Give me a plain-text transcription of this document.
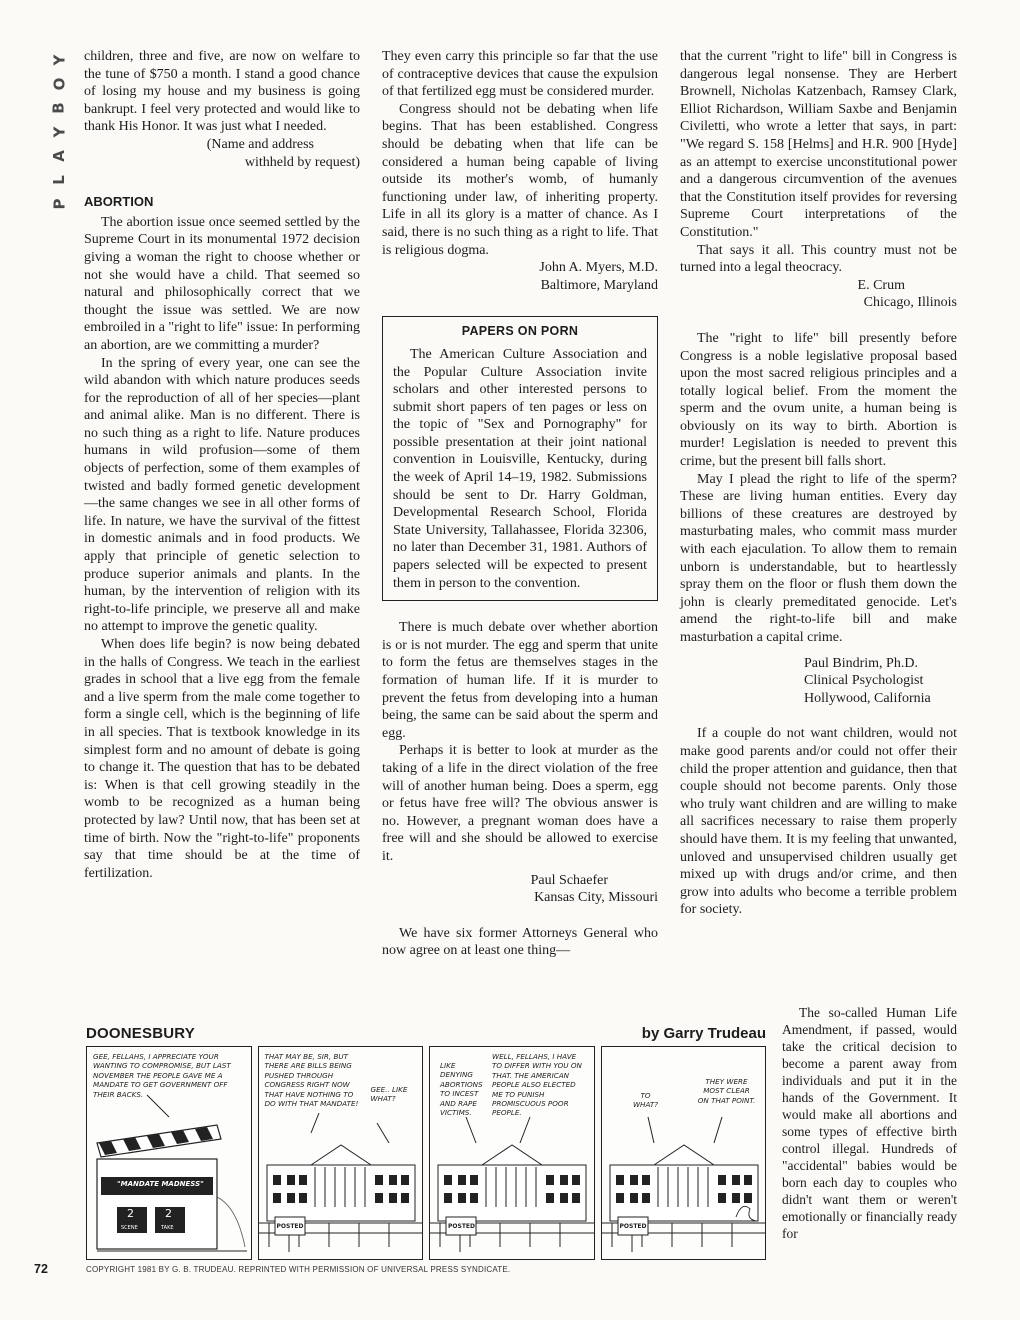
Y
O
B
Y
A
L
P

children, three and five, are now on welfare to the tune of $750 a month. I stand a good chance of losing my house and my business is going bankrupt. I feel very protected and would like to thank His Honor. It was just what I needed.

(Name and address
withheld by request)
ABORTION

The abortion issue once seemed settled by the Supreme Court in its monumental 1972 decision giving a woman the right to choose whether or not she would have a child. That seemed so natural and philosophically correct that we thought the issue was settled. We are now embroiled in a "right to life" issue: In performing an abortion, are we committing a murder?

In the spring of every year, one can see the wild abandon with which nature produces seeds for the reproduction of all of her species—plant and animal alike. Man is no different. There is no such thing as a right to life. Nature produces humans in wild profusion—some of them objects of perfection, some of them examples of twisted and badly formed genetic development—the same changes we see in all other forms of life. In nature, we have the survival of the fittest in domestic animals and in food products. We apply that principle of genetic selection to produce superior animals and plants. In the human, by the intervention of religion with its right-to-life principle, we preserve all and make no attempt to improve the genetic quality.

When does life begin? is now being debated in the halls of Congress. We teach in the earliest grades in school that a live egg from the female and a live sperm from the male come together to form a single cell, which is the beginning of life in all species. That is textbook knowledge in its simplest form and no amount of debate is going to change it. The question that has to be debated is: When is that cell growing steadily in the womb to be recognized as a human being protected by law? Until now, that has been set at time of birth. Now the "right-to-life" proponents say that time should be at the time of fertilization.

They even carry this principle so far that the use of contraceptive devices that cause the expulsion of that fertilized egg must be considered murder.

Congress should not be debating when life begins. That has been established. Congress should be debating when that life can be considered a human being capable of living outside its mother's womb, of humanly functioning under law, of inheriting property. Life in all its glory is a matter of chance. As I said, there is no such thing as a right to life. That is religious dogma.

John A. Myers, M.D.
Baltimore, Maryland
PAPERS ON PORN

The American Culture Association and the Popular Culture Association invite scholars and other interested persons to submit short papers of ten pages or less on the topic of "Sex and Pornography" for possible presentation at their joint national convention in Louisville, Kentucky, during the week of April 14–19, 1982. Submissions should be sent to Dr. Harry Goldman, Developmental Research School, Florida State University, Tallahassee, Florida 32306, no later than December 31, 1981. Authors of papers selected will be expected to present them in person to the convention.

There is much debate over whether abortion is or is not murder. The egg and sperm that unite to form the fetus are themselves stages in the formation of human life. If it is murder to prevent the fetus from developing into a human being, the same can be said about the sperm and egg.

Perhaps it is better to look at murder as the taking of a life in the direct violation of the free will of another human being. Does a sperm, egg or fetus have free will? The obvious answer is no. However, a pregnant woman does have a free will and she should be allowed to exercise it.

Paul Schaefer
Kansas City, Missouri

We have six former Attorneys General who now agree on at least one thing—

that the current "right to life" bill in Congress is dangerous legal nonsense. They are Herbert Brownell, Nicholas Katzenbach, Ramsey Clark, Elliot Richardson, William Saxbe and Benjamin Civiletti, who wrote a letter that says, in part: "We regard S. 158 [Helms] and H.R. 900 [Hyde] as an attempt to exercise unconstitutional power and a dangerous circumvention of the avenues that the Constitution itself provides for reversing Supreme Court interpretations of the Constitution."

That says it all. This country must not be turned into a legal theocracy.

E. Crum
Chicago, Illinois

The "right to life" bill presently before Congress is a noble legislative proposal based upon the most sacred religious principles and a totally logical belief. From the moment the sperm and the ovum unite, a human being is obviously on its way to birth. Abortion is murder! Legislation is needed to prevent this crime, but the present bill falls short.

May I plead the right to life of the sperm? These are living human entities. Every day billions of these creatures are destroyed by masturbating males, who commit mass murder with each ejaculation. To allow them to remain unborn is understandable, but to heartlessly spray them on the floor or flush them down the john is clearly premeditated genocide. Let's amend the right-to-life bill and make masturbation a capital crime.

Paul Bindrim, Ph.D.
Clinical Psychologist
Hollywood, California

If a couple do not want children, would not make good parents and/or could not offer their child the proper attention and guidance, then that couple should not become parents. Only those who truly want children and are willing to make all sacrifices necessary to raise them properly should have them. It is my feeling that unwanted, unloved and unsupervised children usually get mixed up with drugs and/or crime, and then grow into adults who become a terrible problem for society.

The so-called Human Life Amendment, if passed, would take the critical decision to become a parent away from individuals and put it in the hands of the Government. It would make all abortions and some types of effective birth control illegal. Hundreds of "accidental" babies would be born each day to couples who didn't want them or weren't emotionally or financially ready for

DOONESBURY	by Garry Trudeau
GEE, FELLAHS, I APPRECIATE YOUR WANTING TO COMPROMISE, BUT LAST NOVEMBER THE PEOPLE GAVE ME A MANDATE TO GET GOVERNMENT OFF THEIR BACKS.
"MANDATE MADNESS"
2	2
SCENE	TAKE
THAT MAY BE, SIR, BUT THERE ARE BILLS BEING PUSHED THROUGH CONGRESS RIGHT NOW THAT HAVE NOTHING TO DO WITH THAT MANDATE!
GEE.. LIKE WHAT?
POSTED
LIKE DENYING ABORTIONS TO INCEST AND RAPE VICTIMS.
WELL, FELLAHS, I HAVE TO DIFFER WITH YOU ON THAT. THE AMERICAN PEOPLE ALSO ELECTED ME TO PUNISH PROMISCUOUS POOR PEOPLE.
POSTED
TO WHAT?
THEY WERE MOST CLEAR ON THAT POINT.
POSTED
72	COPYRIGHT 1981 BY G. B. TRUDEAU. REPRINTED WITH PERMISSION OF UNIVERSAL PRESS SYNDICATE.
